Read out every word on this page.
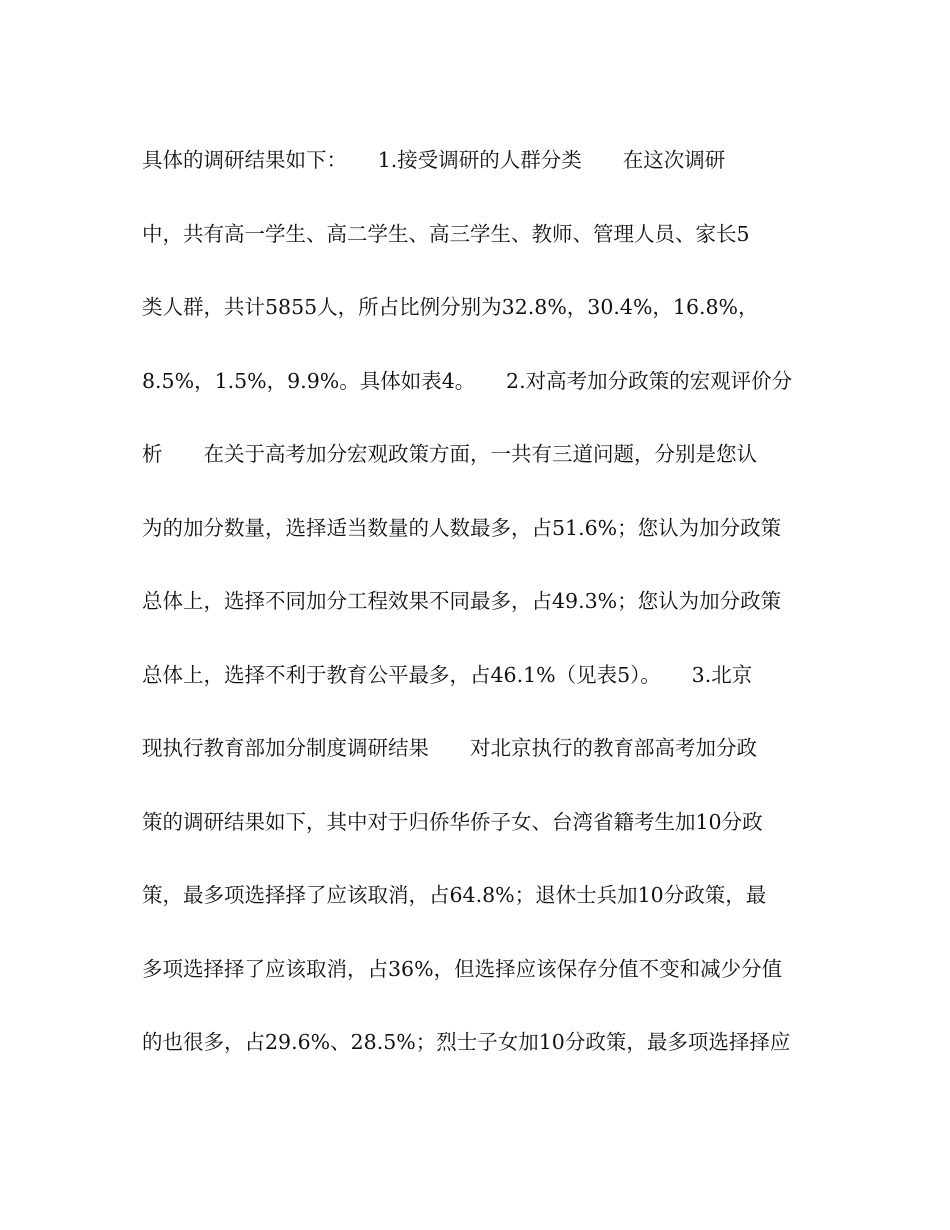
具体的调研结果如下：　　1.接受调研的人群分类　　在这次调研
中，共有高一学生、高二学生、高三学生、教师、管理人员、家长5
类人群，共计5855人，所占比例分别为32.8%，30.4%，16.8%，
8.5%，1.5%，9.9%。具体如表4。　　2.对高考加分政策的宏观评价分
析　　在关于高考加分宏观政策方面，一共有三道问题，分别是您认
为的加分数量，选择适当数量的人数最多，占51.6%；您认为加分政策
总体上，选择不同加分工程效果不同最多，占49.3%；您认为加分政策
总体上，选择不利于教育公平最多，占46.1%（见表5）。　　3.北京
现执行教育部加分制度调研结果　　对北京执行的教育部高考加分政
策的调研结果如下，其中对于归侨华侨子女、台湾省籍考生加10分政
策，最多项选择择了应该取消，占64.8%；退休士兵加10分政策，最
多项选择择了应该取消，占36%，但选择应该保存分值不变和减少分值
的也很多，占29.6%、28.5%；烈士子女加10分政策，最多项选择择应
